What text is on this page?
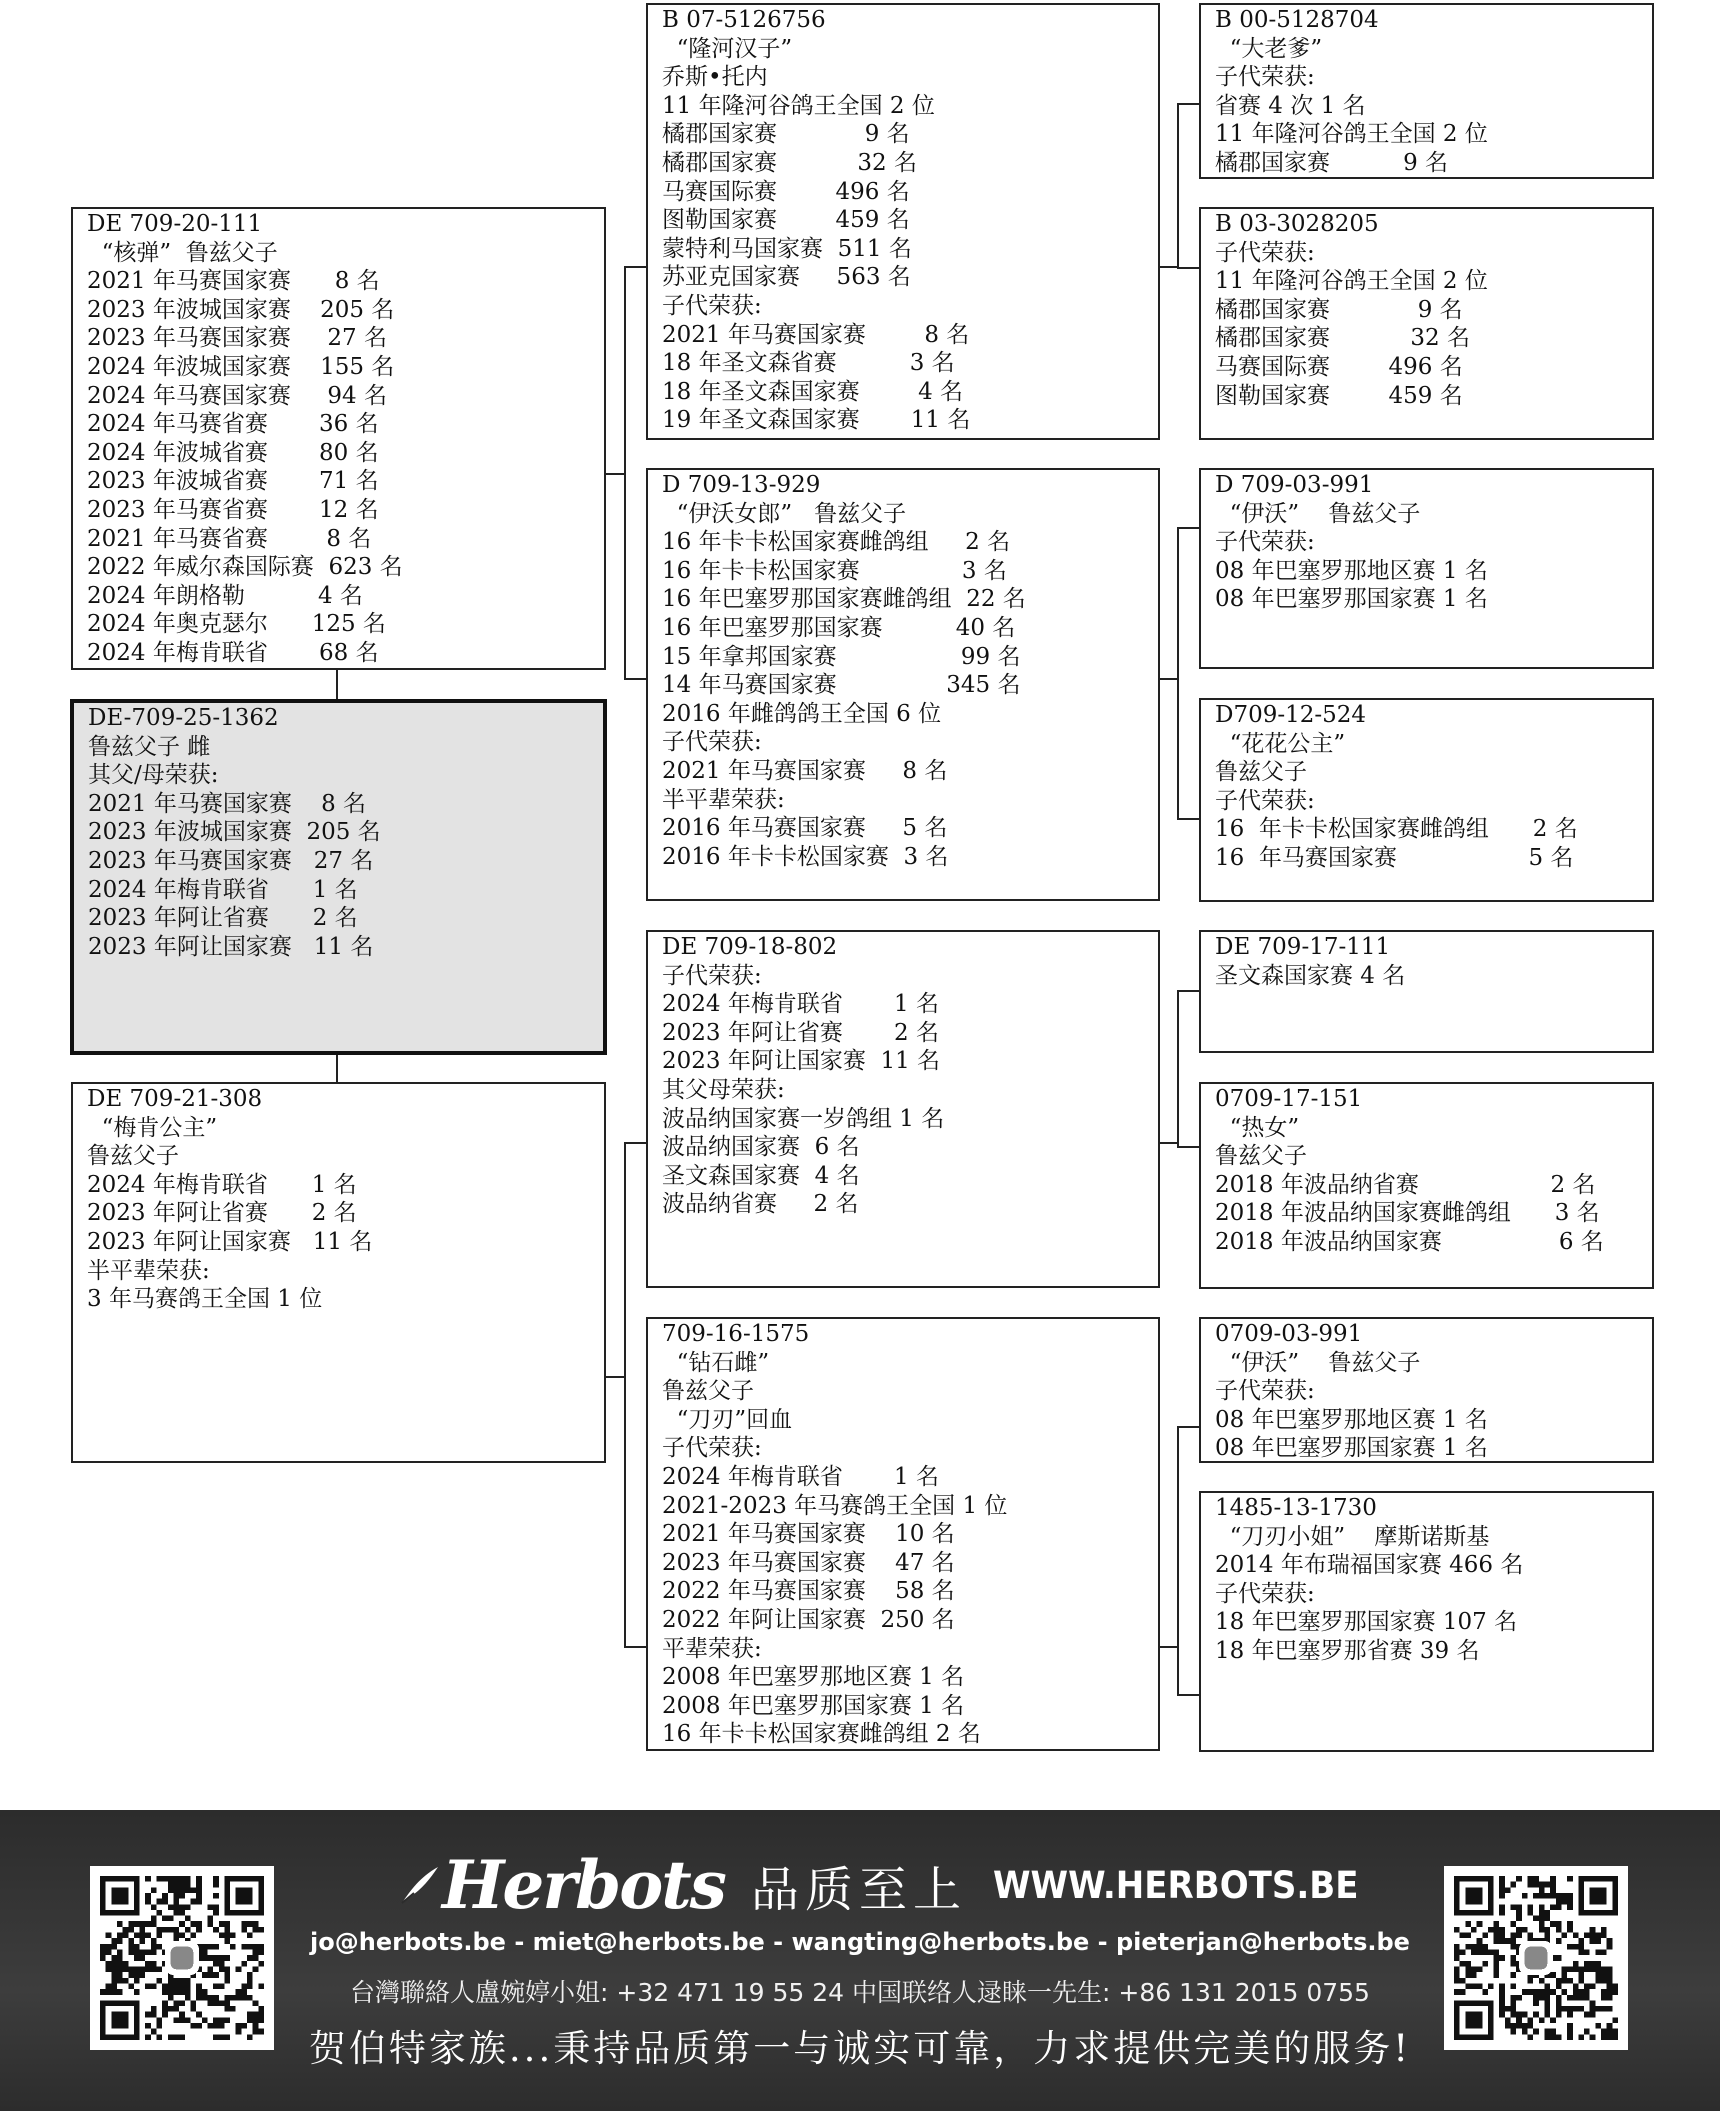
DE 709-20-111
“核弹”  鲁兹父子
2021 年马赛国家赛      8 名
2023 年波城国家赛    205 名
2023 年马赛国家赛     27 名
2024 年波城国家赛    155 名
2024 年马赛国家赛     94 名
2024 年马赛省赛       36 名
2024 年波城省赛       80 名
2023 年波城省赛       71 名
2023 年马赛省赛       12 名
2021 年马赛省赛        8 名
2022 年威尔森国际赛  623 名
2024 年朗格勒          4 名
2024 年奥克瑟尔      125 名
2024 年梅肯联省       68 名
DE-709-25-1362
鲁兹父子 雌
其父/母荣获:
2021 年马赛国家赛    8 名
2023 年波城国家赛  205 名
2023 年马赛国家赛   27 名
2024 年梅肯联省      1 名
2023 年阿让省赛      2 名
2023 年阿让国家赛   11 名
DE 709-21-308
“梅肯公主”
鲁兹父子
2024 年梅肯联省      1 名
2023 年阿让省赛      2 名
2023 年阿让国家赛   11 名
半平辈荣获:
3 年马赛鸽王全国 1 位
B 07-5126756
“隆河汉子”
乔斯•托内
11 年隆河谷鸽王全国 2 位
橘郡国家赛            9 名
橘郡国家赛           32 名
马赛国际赛        496 名
图勒国家赛        459 名
蒙特利马国家赛  511 名
苏亚克国家赛     563 名
子代荣获:
2021 年马赛国家赛        8 名
18 年圣文森省赛          3 名
18 年圣文森国家赛        4 名
19 年圣文森国家赛       11 名
D 709-13-929
“伊沃女郎”   鲁兹父子
16 年卡卡松国家赛雌鸽组     2 名
16 年卡卡松国家赛              3 名
16 年巴塞罗那国家赛雌鸽组  22 名
16 年巴塞罗那国家赛          40 名
15 年拿邦国家赛                 99 名
14 年马赛国家赛               345 名
2016 年雌鸽鸽王全国 6 位
子代荣获:
2021 年马赛国家赛     8 名
半平辈荣获:
2016 年马赛国家赛     5 名
2016 年卡卡松国家赛  3 名
DE 709-18-802
子代荣获:
2024 年梅肯联省       1 名
2023 年阿让省赛       2 名
2023 年阿让国家赛  11 名
其父母荣获:
波品纳国家赛一岁鸽组 1 名
波品纳国家赛  6 名
圣文森国家赛  4 名
波品纳省赛     2 名
709-16-1575
“钻石雌”
鲁兹父子
“刀刃”回血
子代荣获:
2024 年梅肯联省       1 名
2021-2023 年马赛鸽王全国 1 位
2021 年马赛国家赛    10 名
2023 年马赛国家赛    47 名
2022 年马赛国家赛    58 名
2022 年阿让国家赛  250 名
平辈荣获:
2008 年巴塞罗那地区赛 1 名
2008 年巴塞罗那国家赛 1 名
16 年卡卡松国家赛雌鸽组 2 名
B 00-5128704
“大老爹”
子代荣获:
省赛 4 次 1 名
11 年隆河谷鸽王全国 2 位
橘郡国家赛          9 名
B 03-3028205
子代荣获:
11 年隆河谷鸽王全国 2 位
橘郡国家赛            9 名
橘郡国家赛           32 名
马赛国际赛        496 名
图勒国家赛        459 名
D 709-03-991
“伊沃”    鲁兹父子
子代荣获:
08 年巴塞罗那地区赛 1 名
08 年巴塞罗那国家赛 1 名
D709-12-524
“花花公主”
鲁兹父子
子代荣获:
16  年卡卡松国家赛雌鸽组      2 名
16  年马赛国家赛                  5 名
DE 709-17-111
圣文森国家赛 4 名
0709-17-151
“热女”
鲁兹父子
2018 年波品纳省赛                  2 名
2018 年波品纳国家赛雌鸽组      3 名
2018 年波品纳国家赛                6 名
0709-03-991
“伊沃”    鲁兹父子
子代荣获:
08 年巴塞罗那地区赛 1 名
08 年巴塞罗那国家赛 1 名
1485-13-1730
“刀刃小姐”    摩斯诺斯基
2014 年布瑞福国家赛 466 名
子代荣获:
18 年巴塞罗那国家赛 107 名
18 年巴塞罗那省赛 39 名
Herbots 品质至上 WWW.HERBOTS.BE
jo@herbots.be - miet@herbots.be - wangting@herbots.be - pieterjan@herbots.be
台灣聯絡人盧婉婷小姐: +32 471 19 55 24 中国联络人逯睐一先生: +86 131 2015 0755
贺伯特家族...秉持品质第一与诚实可靠，力求提供完美的服务!
